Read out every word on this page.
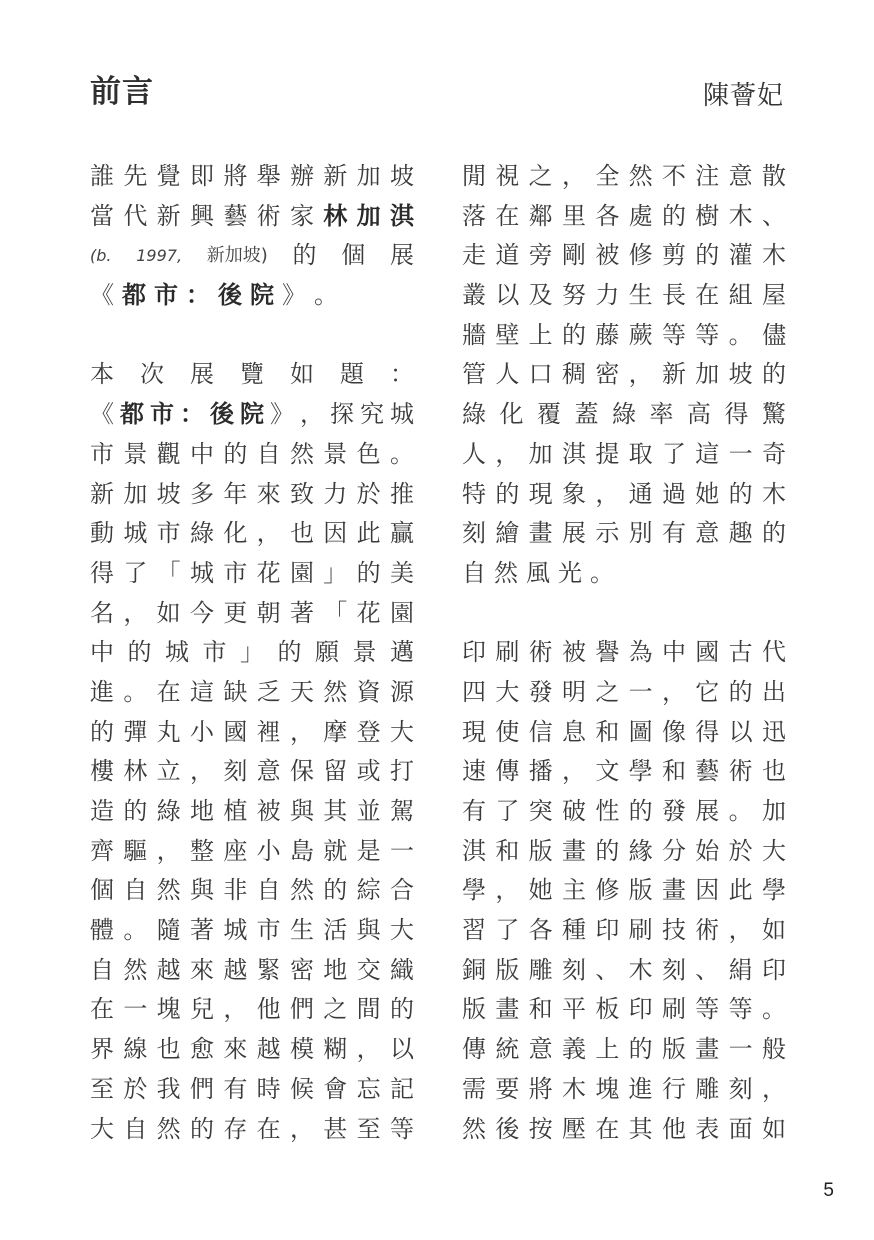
前言	陳薈妃
誰 先 覺 即 將 舉 辦 新 加 坡
當 代 新 興 藝 術 家 林 加 淇
(b. 1997, 新加坡) 的 個 展
《 都 市 ： 後 院 》 。
本 次 展 覽 如 題 ：
《 都 市 ： 後 院 》 ， 探 究 城
市 景 觀 中 的 自 然 景 色 。
新 加 坡 多 年 來 致 力 於 推
動 城 市 綠 化 ， 也 因 此 贏
得 了 「 城 市 花 園 」 的 美
名 ， 如 今 更 朝 著 「 花 園
中 的 城 市 」 的 願 景 邁
進 。 在 這 缺 乏 天 然 資 源
的 彈 丸 小 國 裡 ， 摩 登 大
樓 林 立 ， 刻 意 保 留 或 打
造 的 綠 地 植 被 與 其 並 駕
齊 驅 ， 整 座 小 島 就 是 一
個 自 然 與 非 自 然 的 綜 合
體 。 隨 著 城 市 生 活 與 大
自 然 越 來 越 緊 密 地 交 織
在 一 塊 兒 ， 他 們 之 間 的
界 線 也 愈 來 越 模 糊 ， 以
至 於 我 們 有 時 候 會 忘 記
大 自 然 的 存 在 ， 甚 至 等
閒 視 之 ， 全 然 不 注 意 散
落 在 鄰 里 各 處 的 樹 木 、
走 道 旁 剛 被 修 剪 的 灌 木
叢 以 及 努 力 生 長 在 組 屋
牆 壁 上 的 藤 蕨 等 等 。 儘
管 人 口 稠 密 ， 新 加 坡 的
綠 化 覆 蓋 綠 率 高 得 驚
人 ， 加 淇 提 取 了 這 一 奇
特 的 現 象 ， 通 過 她 的 木
刻 繪 畫 展 示 別 有 意 趣 的
自 然 風 光 。
印 刷 術 被 譽 為 中 國 古 代
四 大 發 明 之 一 ， 它 的 出
現 使 信 息 和 圖 像 得 以 迅
速 傳 播 ， 文 學 和 藝 術 也
有 了 突 破 性 的 發 展 。 加
淇 和 版 畫 的 緣 分 始 於 大
學 ， 她 主 修 版 畫 因 此 學
習 了 各 種 印 刷 技 術 ， 如
銅 版 雕 刻 、 木 刻 、 絹 印
版 畫 和 平 板 印 刷 等 等 。
傳 統 意 義 上 的 版 畫 一 般
需 要 將 木 塊 進 行 雕 刻 ，
然 後 按 壓 在 其 他 表 面 如
5
